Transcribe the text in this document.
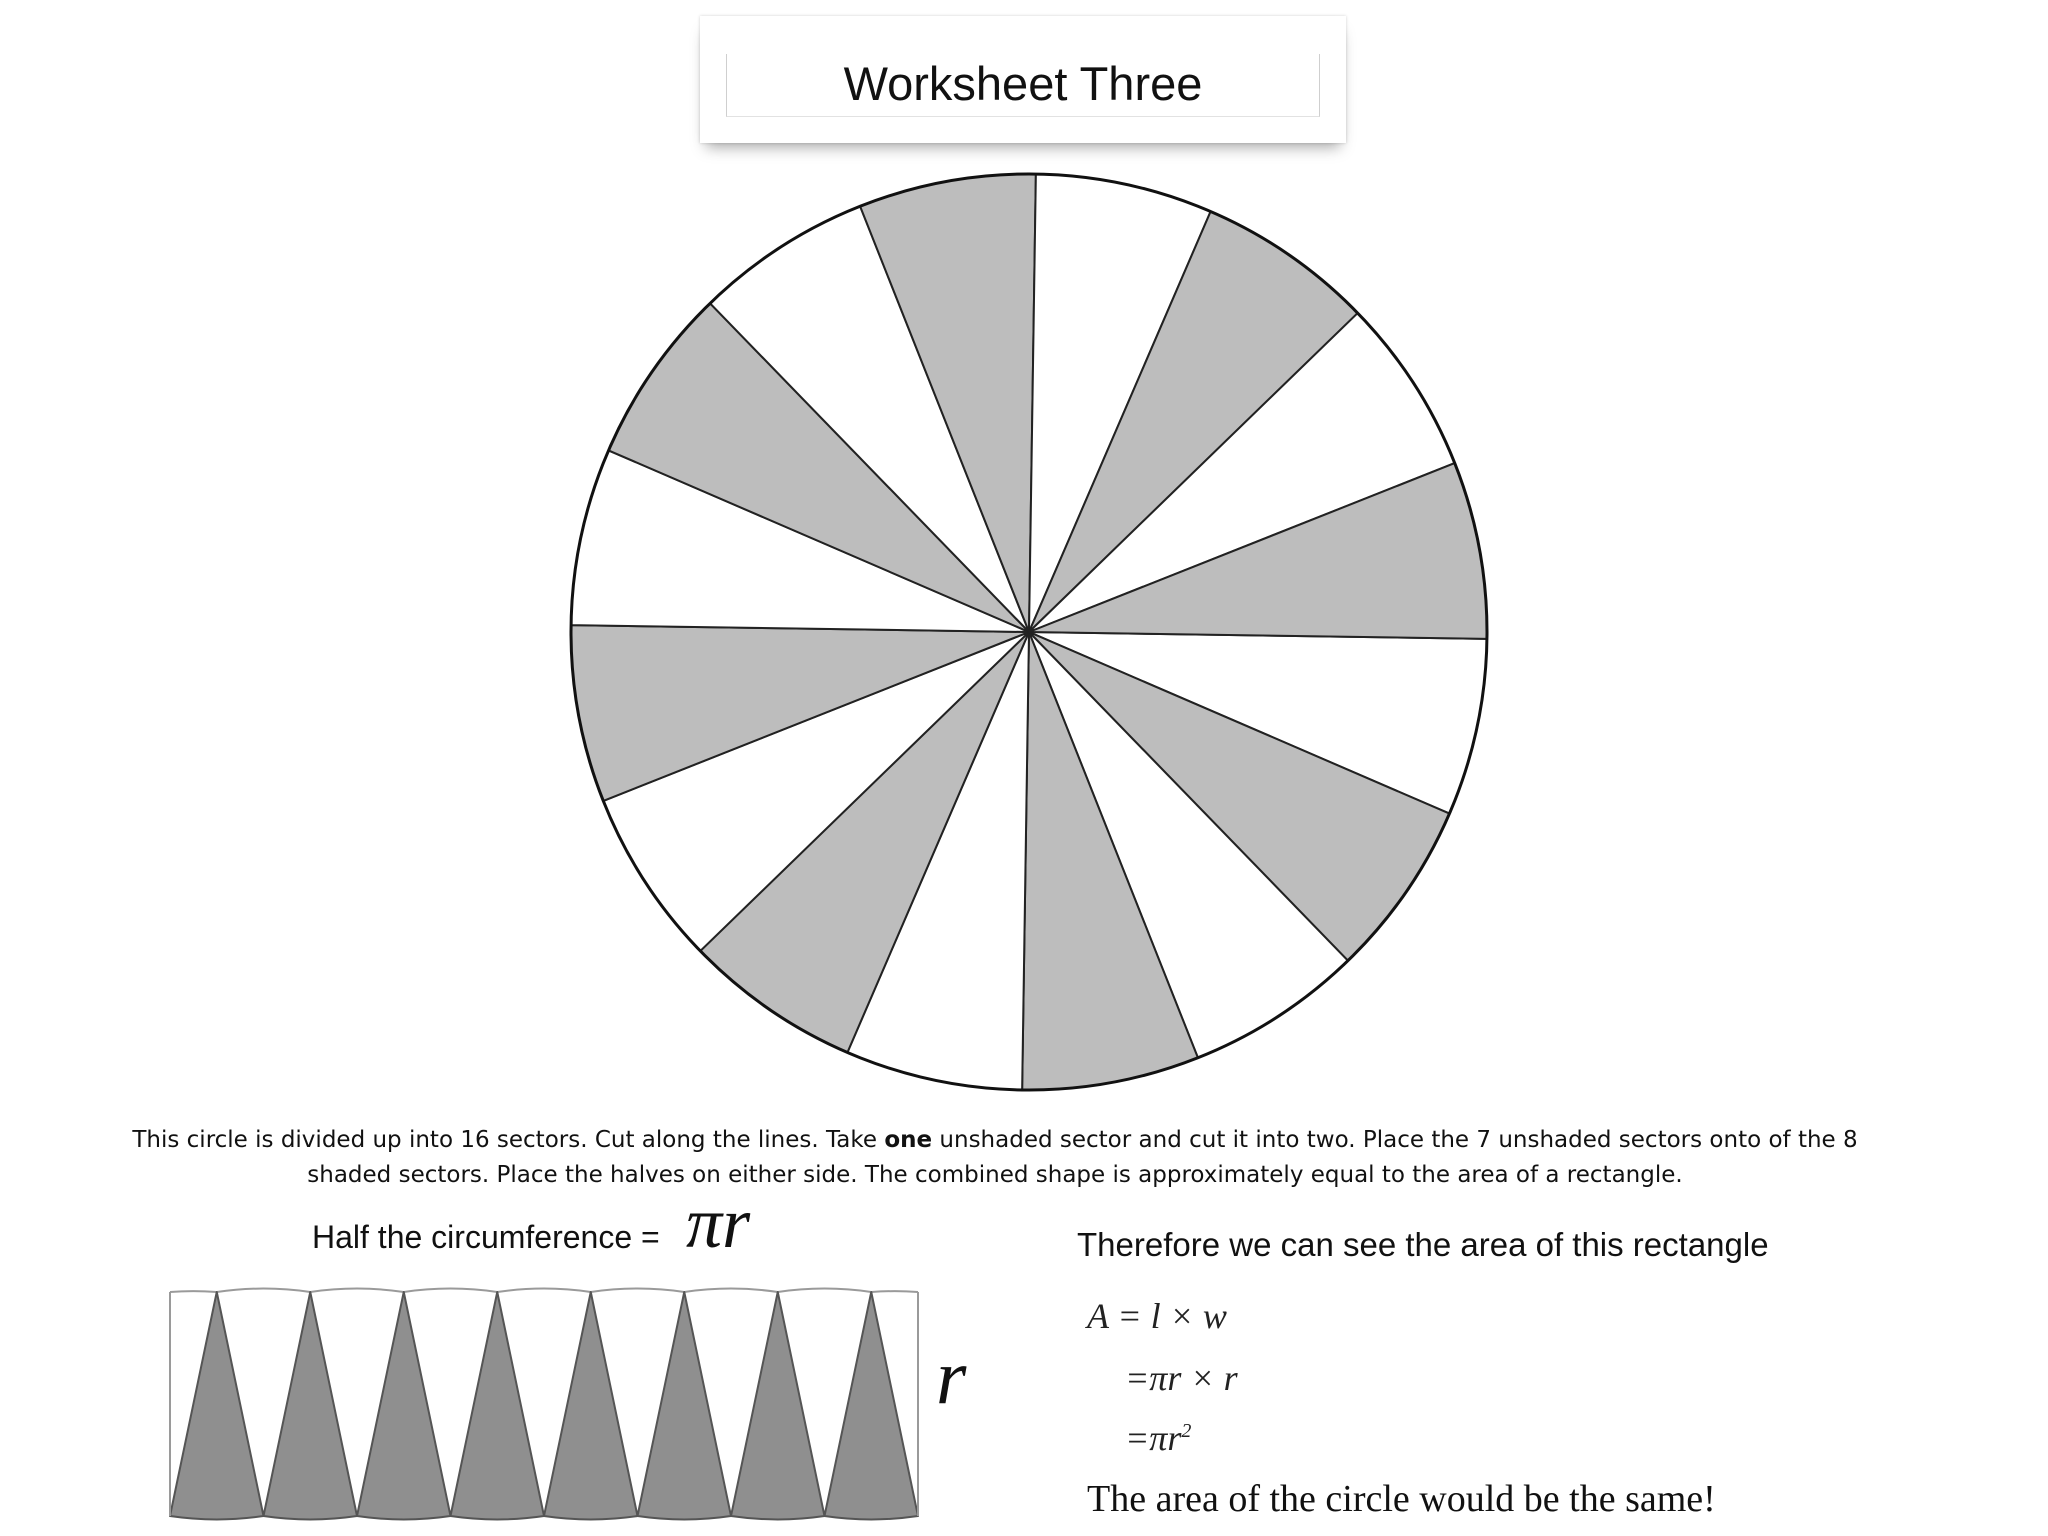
Worksheet Three
This circle is divided up into 16 sectors. Cut along the lines. Take one unshaded sector and cut it into two. Place the 7 unshaded sectors onto of the 8 shaded sectors. Place the halves on either side. The combined shape is approximately equal to the area of a rectangle.
Half the circumference = πr
r
Therefore we can see the area of this rectangle
A = l × w
=πr × r
$=\pi r^2$
The area of the circle would be the same!
